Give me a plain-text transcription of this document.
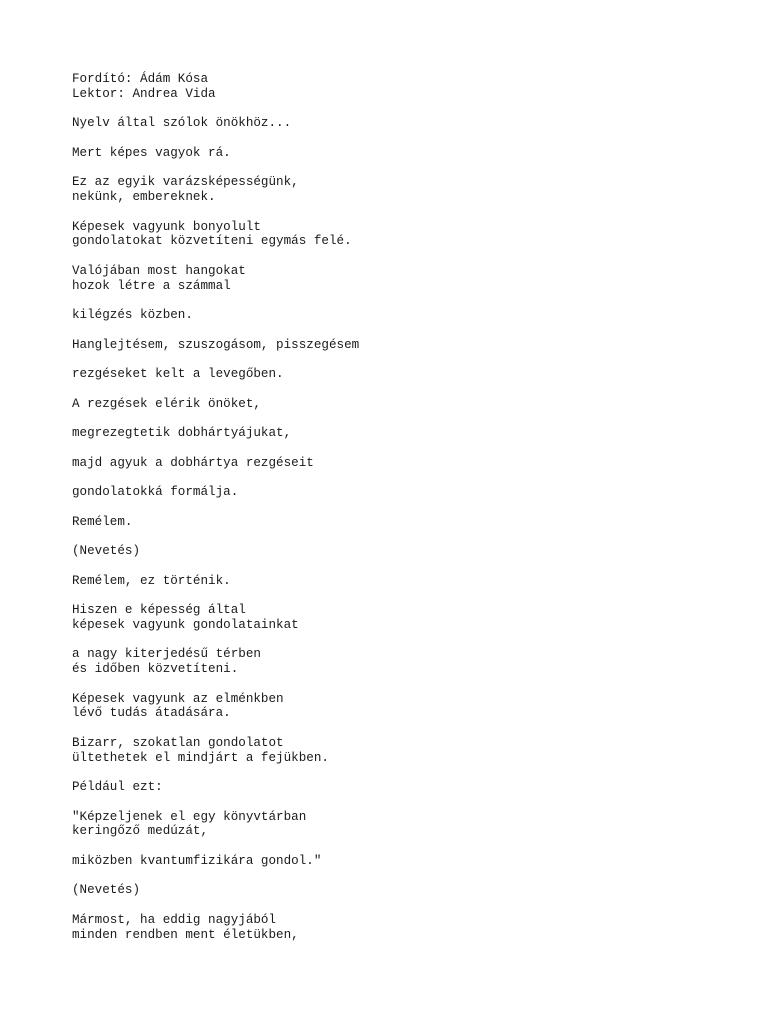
Fordító: Ádám Kósa
Lektor: Andrea Vida
Nyelv által szólok önökhöz...
Mert képes vagyok rá.
Ez az egyik varázsképességünk,
nekünk, embereknek.
Képesek vagyunk bonyolult
gondolatokat közvetíteni egymás felé.
Valójában most hangokat
hozok létre a számmal
kilégzés közben.
Hanglejtésem, szuszogásom, pisszegésem
rezgéseket kelt a levegőben.
A rezgések elérik önöket,
megrezegtetik dobhártyájukat,
majd agyuk a dobhártya rezgéseit
gondolatokká formálja.
Remélem.
(Nevetés)
Remélem, ez történik.
Hiszen e képesség által
képesek vagyunk gondolatainkat
a nagy kiterjedésű térben
és időben közvetíteni.
Képesek vagyunk az elménkben
lévő tudás átadására.
Bizarr, szokatlan gondolatot
ültethetek el mindjárt a fejükben.
Például ezt:
"Képzeljenek el egy könyvtárban
keringőző medúzát,
miközben kvantumfizikára gondol."
(Nevetés)
Mármost, ha eddig nagyjából
minden rendben ment életükben,
